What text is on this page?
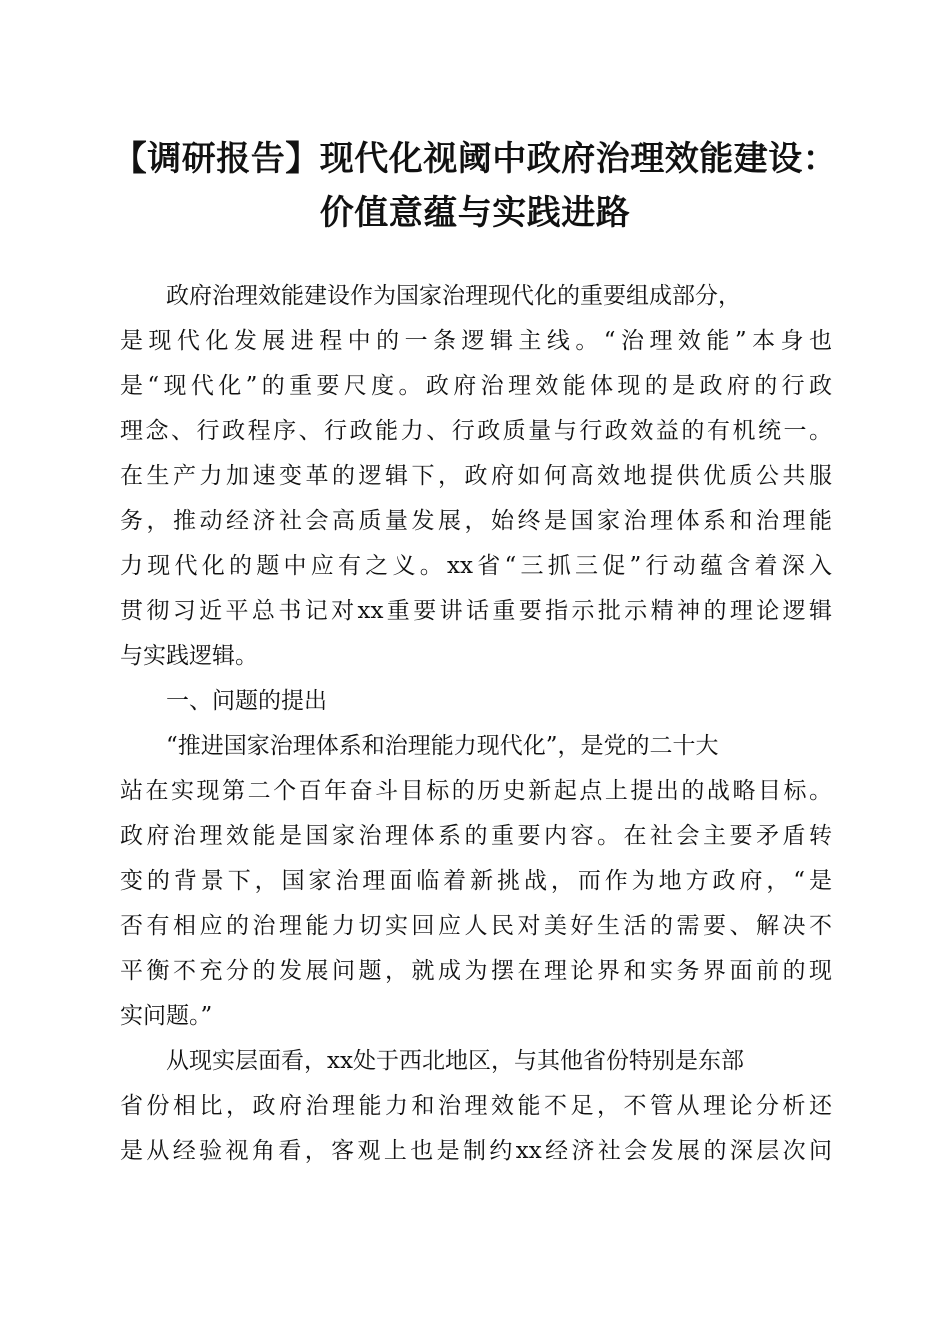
【调研报告】现代化视阈中政府治理效能建设：
价值意蕴与实践进路
政府治理效能建设作为国家治理现代化的重要组成部分，
是现代化发展进程中的一条逻辑主线。“治理效能”本身也
是“现代化”的重要尺度。政府治理效能体现的是政府的行政
理念、行政程序、行政能力、行政质量与行政效益的有机统一。
在生产力加速变革的逻辑下，政府如何高效地提供优质公共服
务，推动经济社会高质量发展，始终是国家治理体系和治理能
力现代化的题中应有之义。xx省“三抓三促”行动蕴含着深入
贯彻习近平总书记对xx重要讲话重要指示批示精神的理论逻辑
与实践逻辑。
一、问题的提出
“推进国家治理体系和治理能力现代化”，是党的二十大
站在实现第二个百年奋斗目标的历史新起点上提出的战略目标。
政府治理效能是国家治理体系的重要内容。在社会主要矛盾转
变的背景下，国家治理面临着新挑战，而作为地方政府，“是
否有相应的治理能力切实回应人民对美好生活的需要、解决不
平衡不充分的发展问题，就成为摆在理论界和实务界面前的现
实问题。”
从现实层面看，xx处于西北地区，与其他省份特别是东部
省份相比，政府治理能力和治理效能不足，不管从理论分析还
是从经验视角看，客观上也是制约xx经济社会发展的深层次问
